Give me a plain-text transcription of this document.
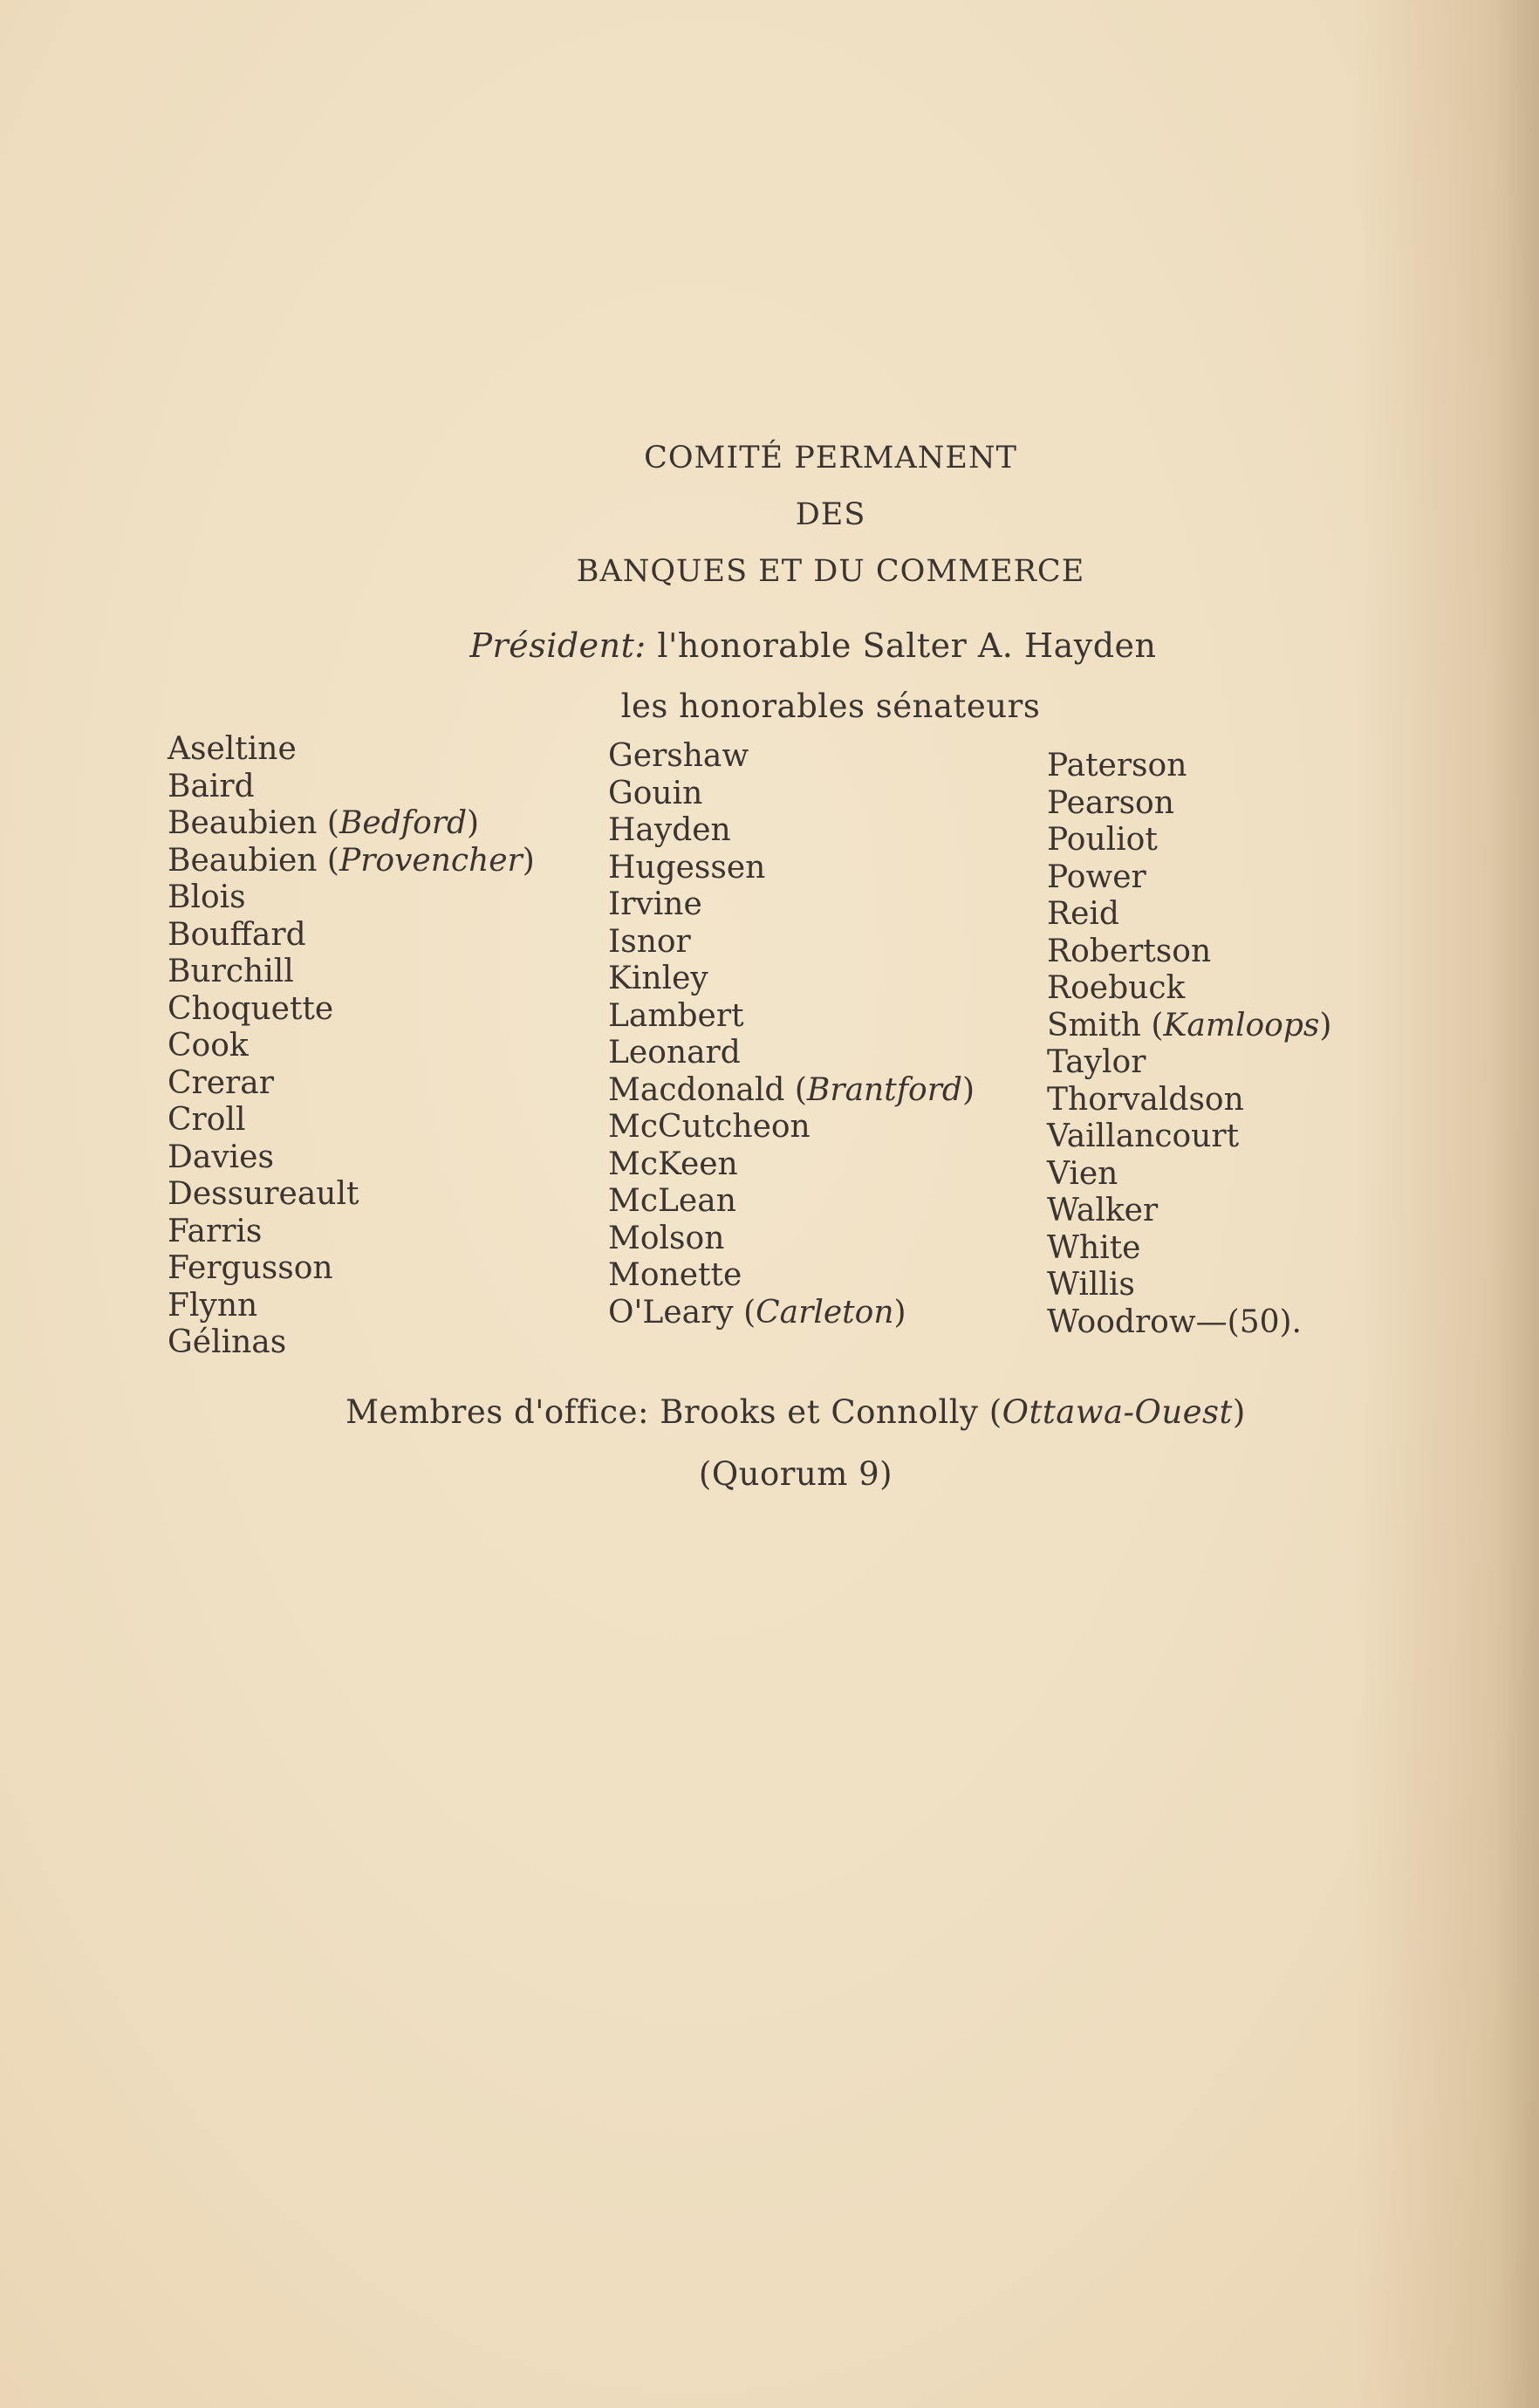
COMITÉ PERMANENT
DES
BANQUES ET DU COMMERCE
Président: l'honorable Salter A. Hayden
les honorables sénateurs
Aseltine
Baird
Beaubien (Bedford)
Beaubien (Provencher)
Blois
Bouffard
Burchill
Choquette
Cook
Crerar
Croll
Davies
Dessureault
Farris
Fergusson
Flynn
Gélinas
Gershaw
Gouin
Hayden
Hugessen
Irvine
Isnor
Kinley
Lambert
Leonard
Macdonald (Brantford)
McCutcheon
McKeen
McLean
Molson
Monette
O'Leary (Carleton)
Paterson
Pearson
Pouliot
Power
Reid
Robertson
Roebuck
Smith (Kamloops)
Taylor
Thorvaldson
Vaillancourt
Vien
Walker
White
Willis
Woodrow—(50).
Membres d'office: Brooks et Connolly (Ottawa-Ouest)
(Quorum 9)
